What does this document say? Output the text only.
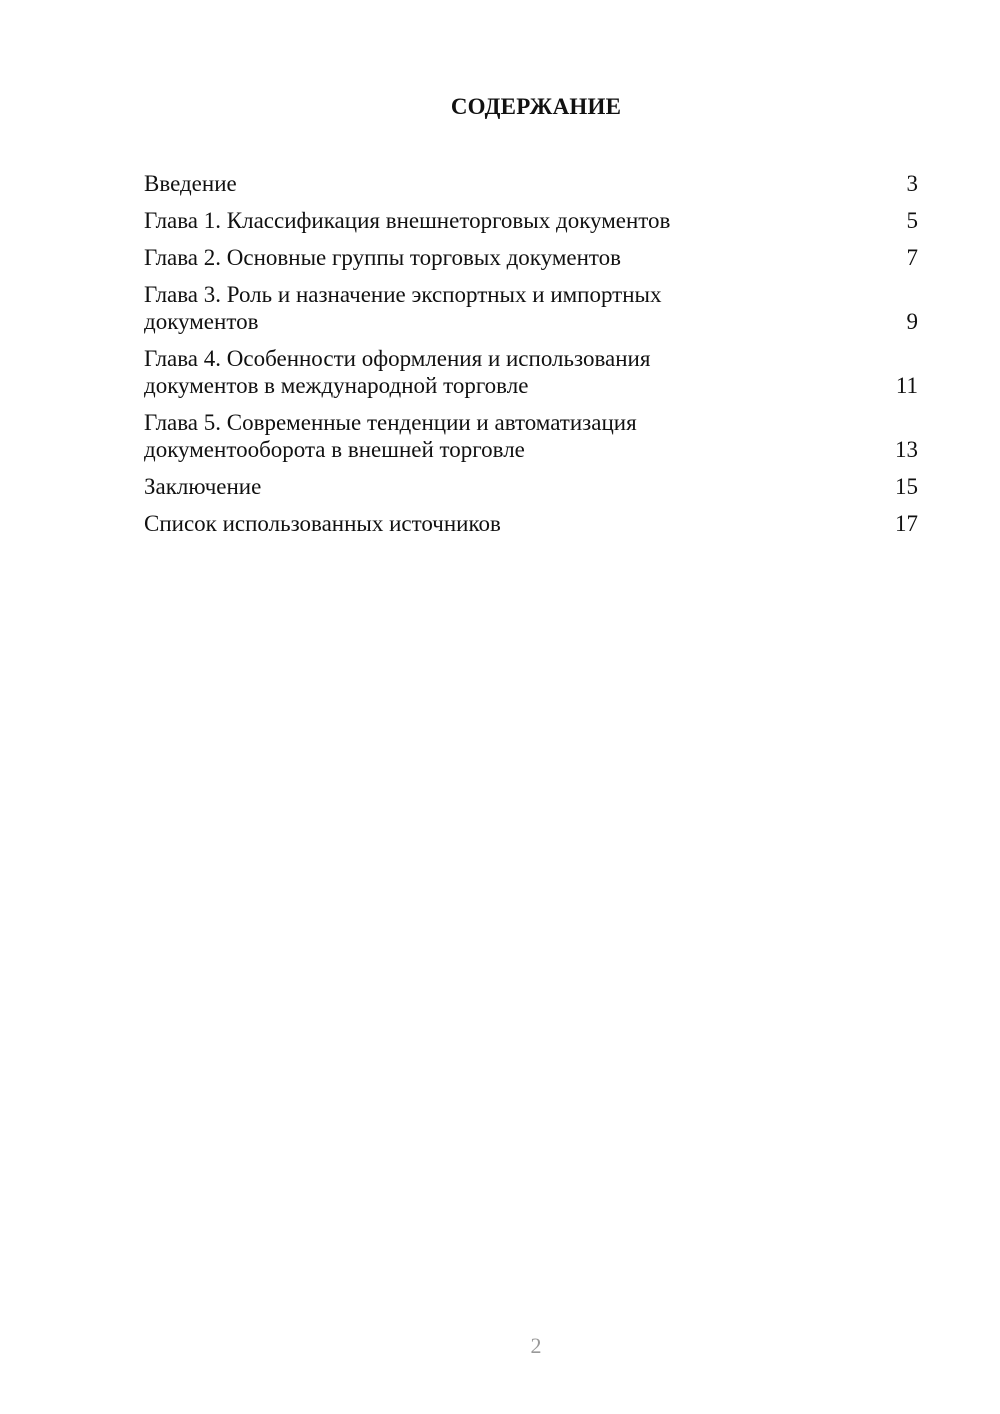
СОДЕРЖАНИЕ
Введение	3
Глава 1. Классификация внешнеторговых документов	5
Глава 2. Основные группы торговых документов	7
Глава 3. Роль и назначение экспортных и импортных
документов	9
Глава 4. Особенности оформления и использования
документов в международной торговле	11
Глава 5. Современные тенденции и автоматизация
документооборота в внешней торговле	13
Заключение	15
Список использованных источников	17
2
